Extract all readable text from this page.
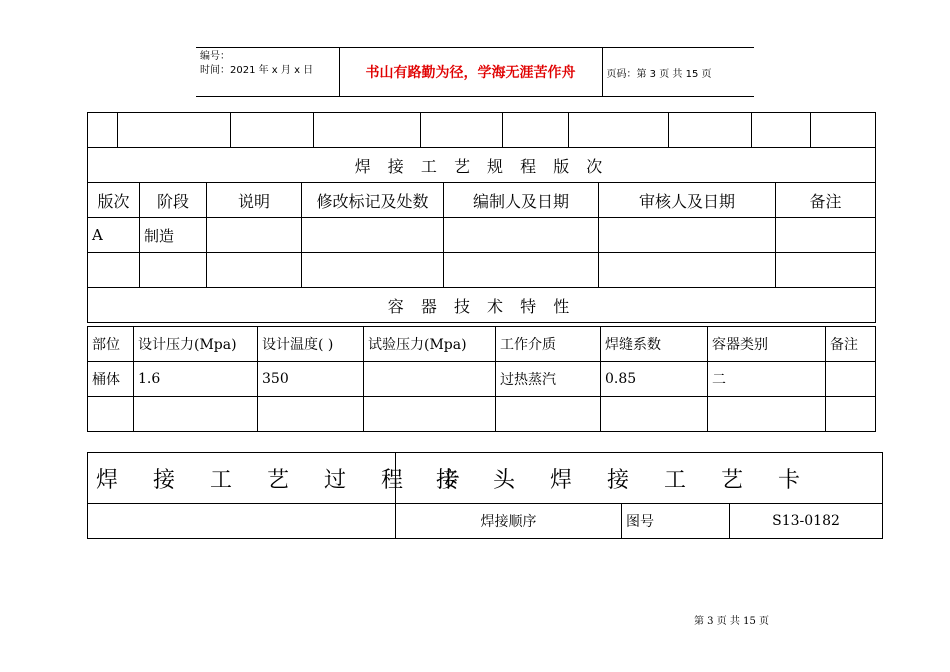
编号：
时间：2021 年 x 月 x 日	书山有路勤为径，学海无涯苦作舟	页码：第 3 页 共 15 页

焊 接 工 艺 规 程 版 次
版次	阶段	说明	修改标记及处数	编制人及日期	审核人及日期	备注
A	制造					

容 器 技 术 特 性
部位	设计压力(Mpa)	设计温度( )	试验压力(Mpa)	工作介质	焊缝系数	容器类别	备注
桶体	1.6	350		过热蒸汽	0.85	二	

焊 接 工 艺 过 程 卡	接 头 焊 接 工 艺 卡		
	焊接顺序	图号	S13-0182
第 3 页 共 15 页
